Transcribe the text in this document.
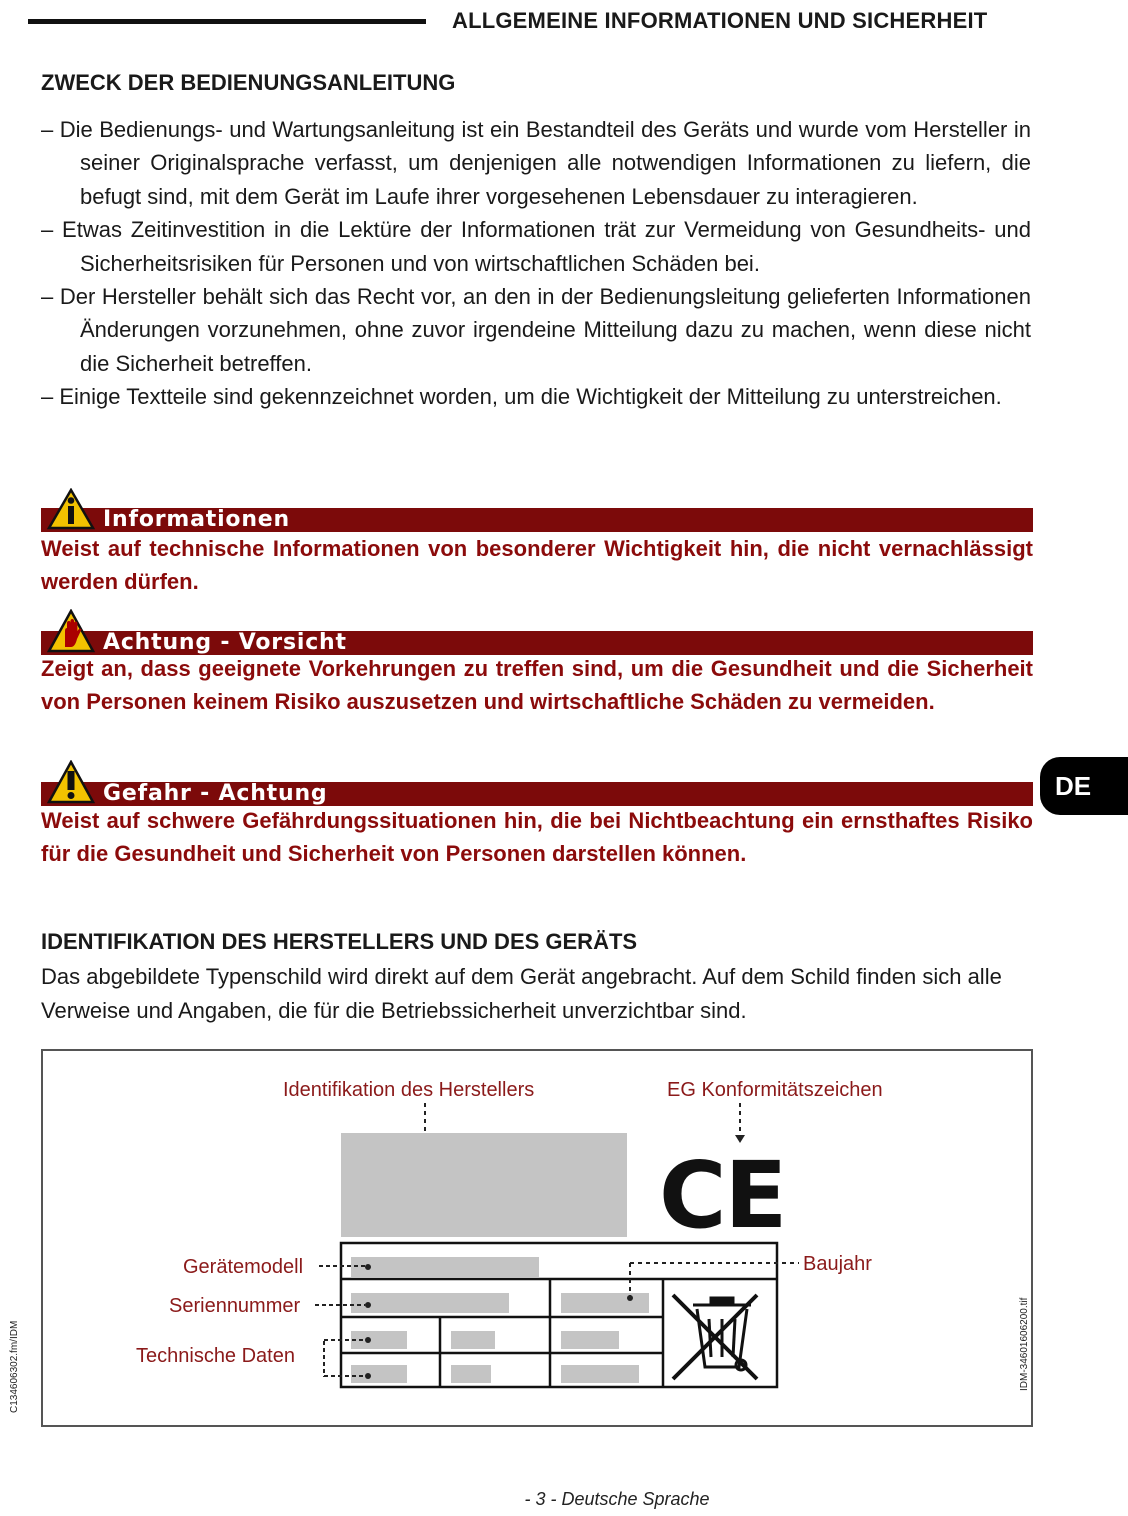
ALLGEMEINE INFORMATIONEN UND SICHERHEIT
ZWECK DER BEDIENUNGSANLEITUNG

– Die Bedienungs- und Wartungsanleitung ist ein Bestandteil des Geräts und wurde vom Hersteller in seiner Originalsprache verfasst, um denjenigen alle notwendigen Informationen zu liefern, die befugt sind, mit dem Gerät im Laufe ihrer vorgesehenen Lebensdauer zu interagieren.

– Etwas Zeitinvestition in die Lektüre der Informationen trät zur Vermeidung von Gesundheits- und Sicherheitsrisiken für Personen und von wirtschaftlichen Schäden bei.

– Der Hersteller behält sich das Recht vor, an den in der Bedienungsleitung gelieferten Informationen Änderungen vorzunehmen, ohne zuvor irgendeine Mitteilung dazu zu machen, wenn diese nicht die Sicherheit betreffen.

– Einige Textteile sind gekennzeichnet worden, um die Wichtigkeit der Mitteilung zu unterstreichen.

Informationen
Weist auf technische Informationen von besonderer Wichtigkeit hin, die nicht vernachlässigt werden dürfen.
Achtung - Vorsicht
Zeigt an, dass geeignete Vorkehrungen zu treffen sind, um die Gesundheit und die Sicherheit von Personen keinem Risiko auszusetzen und wirtschaftliche Schäden zu vermeiden.
Gefahr - Achtung
Weist auf schwere Gefährdungssituationen hin, die bei Nichtbeachtung ein ernsthaftes Risiko für die Gesundheit und Sicherheit von Personen darstellen können.
DE
IDENTIFIKATION DES HERSTELLERS UND DES GERÄTS
Das abgebildete Typenschild wird direkt auf dem Gerät angebracht. Auf dem Schild finden sich alle Verweise und Angaben, die für die Betriebssicherheit unverzichtbar sind.
Identifikation des Herstellers	EG Konformitätszeichen
CE
Gerätemodell
Seriennummer
Technische Daten
Baujahr
IDM-34601606200.tif
C134606302.fm/IDM
- 3 - Deutsche Sprache
